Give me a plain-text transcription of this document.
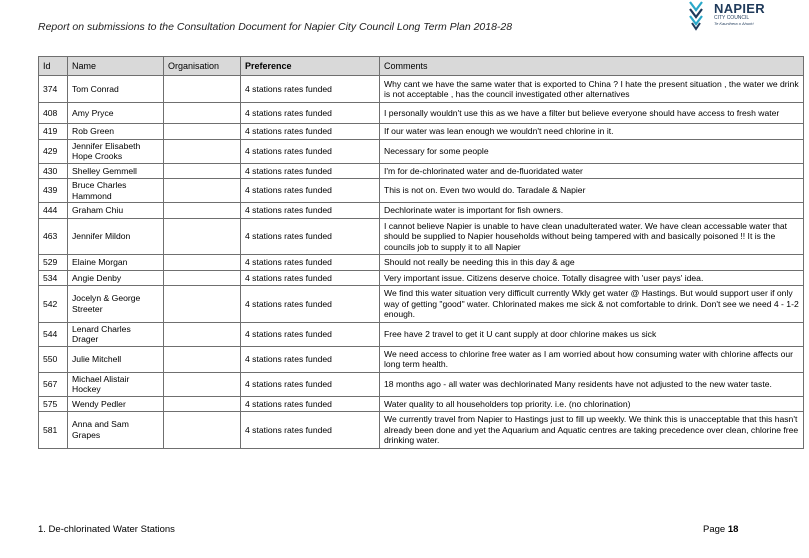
Report on submissions to the Consultation Document for Napier City Council Long Term Plan 2018-28
NAPIER
CITY COUNCIL
Te Kaunihera o Ahuriri
Id	Name	Organisation	Preference	Comments
374	Tom Conrad		4 stations rates funded	Why cant we have the same water that is exported to China ? I hate the present situation , the water we drink is not acceptable , has the council investigated other alternatives
408	Amy Pryce		4 stations rates funded	I personally wouldn't use this as we have a filter but believe everyone should have access to fresh water
419	Rob Green		4 stations rates funded	If our water was lean enough we wouldn't need chlorine in it.
429	Jennifer Elisabeth Hope Crooks		4 stations rates funded	Necessary for some people
430	Shelley Gemmell		4 stations rates funded	I'm for de-chlorinated water and de-fluoridated water
439	Bruce Charles Hammond		4 stations rates funded	This is not on. Even two would do. Taradale & Napier
444	Graham Chiu		4 stations rates funded	Dechlorinate water is important for fish owners.
463	Jennifer Mildon		4 stations rates funded	I cannot believe Napier is unable to have clean unadulterated water. We have clean accessable water that should be supplied to Napier households without being tampered with and basically poisoned !! It is the councils job to supply it to all Napier
529	Elaine Morgan		4 stations rates funded	Should not really be needing this in this day & age
534	Angie Denby		4 stations rates funded	Very important issue. Citizens deserve choice. Totally disagree with 'user pays' idea.
542	Jocelyn & George Streeter		4 stations rates funded	We find this water situation very difficult currently Wkly get water @ Hastings. But would support user if only way of getting "good" water. Chlorinated makes me sick & not comfortable to drink. Don't see we need 4 - 1-2 enough.
544	Lenard Charles Drager		4 stations rates funded	Free have 2 travel to get it U cant supply at door chlorine makes us sick
550	Julie Mitchell		4 stations rates funded	We need access to chlorine free water as I am worried about how consuming water with chlorine affects our long term health.
567	Michael Alistair Hockey		4 stations rates funded	18 months ago - all water was dechlorinated Many residents have not adjusted to the new water taste.
575	Wendy Pedler		4 stations rates funded	Water quality to all householders top priority. i.e. (no chlorination)
581	Anna and Sam Grapes		4 stations rates funded	We currently travel from Napier to Hastings just to fill up weekly. We think this is unacceptable that this hasn't already been done and yet the Aquarium and Aquatic centres are taking precedence over clean, chlorine free drinking water.
1. De-chlorinated Water Stations	Page 18
